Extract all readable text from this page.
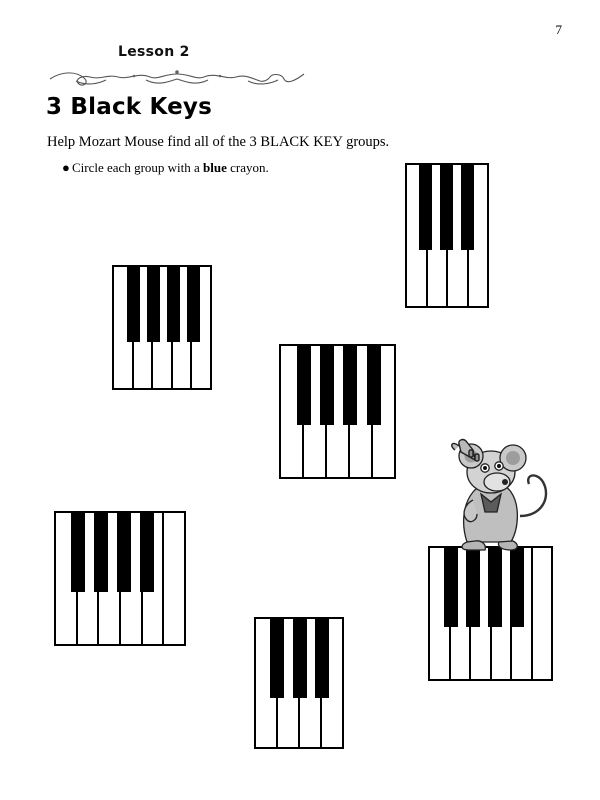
7
Lesson 2
3 Black Keys
Help Mozart Mouse find all of the 3 BLACK KEY groups.
● Circle each group with a blue crayon.
